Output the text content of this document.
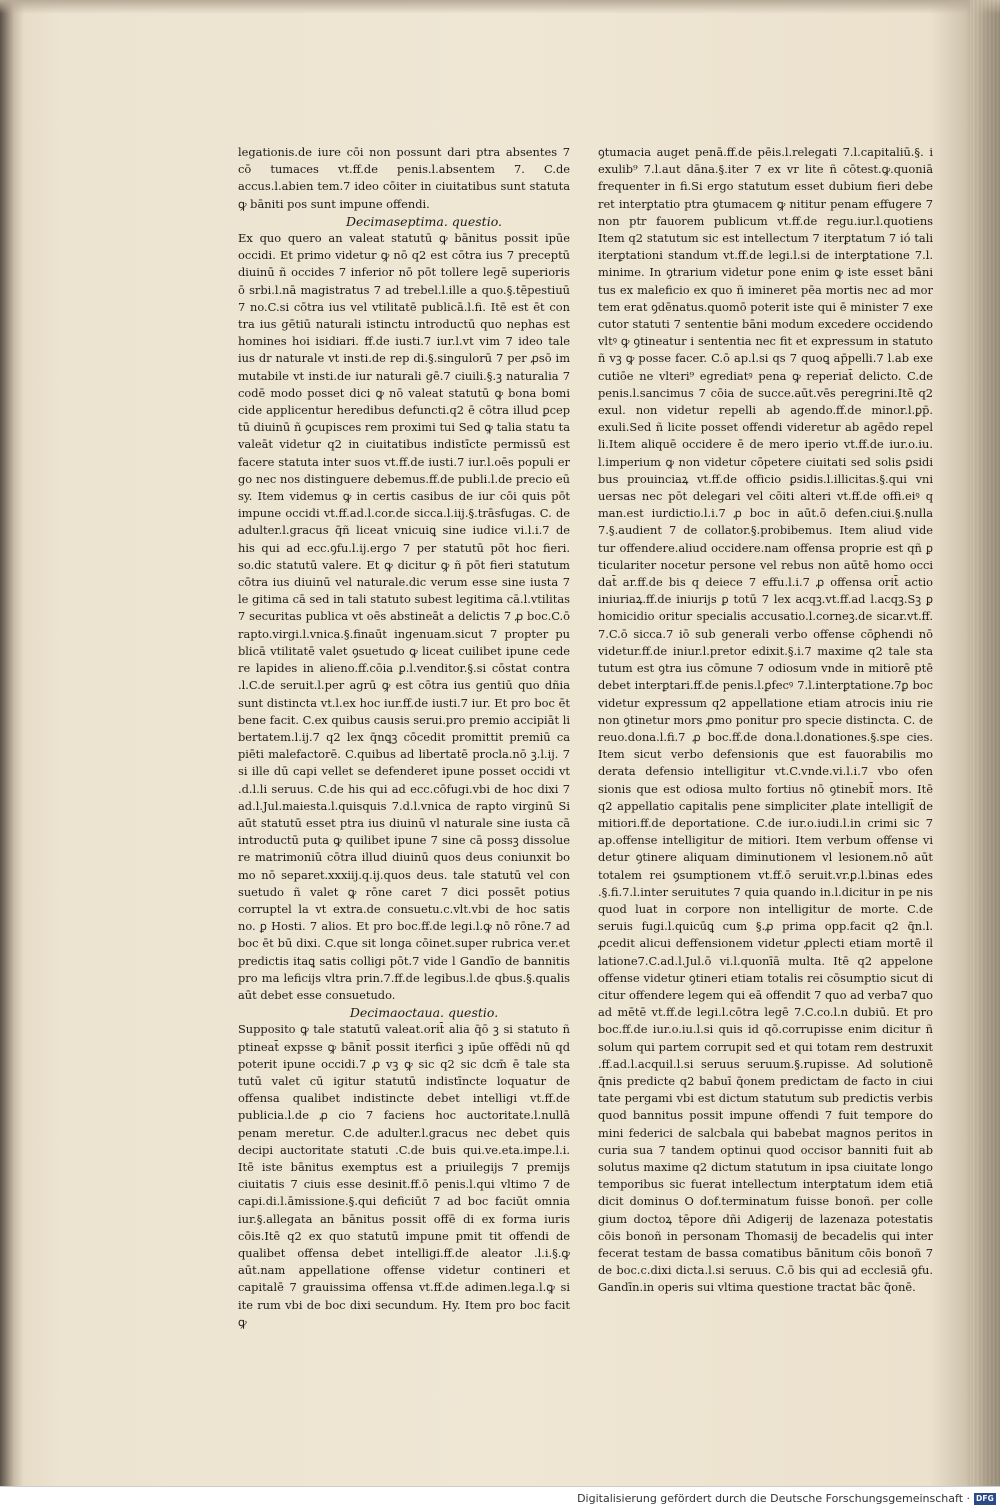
legationis.de iure cōi non possunt dari ptra absentes 7 cō tumaces vt.ff.de penis.l.absentem 7. C.de accus.l.abien tem.7 ideo cōiter in ciuitatibus sunt statuta ꝙ bāniti pos sunt impune offendi.

Decimaseptima. questio.

Ex quo quero an valeat statutū ꝙ bānitus possit ipūe occidi. Et primo videtur ꝙ nō q2 est cōtra ius 7 preceptū diuinū ñ occides 7 inferior nō pōt tollere legē superioris ō srbi.l.nā magistratus 7 ad trebel.l.ille a quo.§.tēpestiuū 7 no.C.si cōtra ius vel vtilitatē publicā.l.fi. Itē est ēt con tra ius gētiū naturali istinctu introductū quo nephas est homines hoi isidiari. ff.de iusti.7 iur.l.vt vim 7 ideo tale ius dr naturale vt insti.de rep di.§.singulorū 7 per ꝓsō im mutabile vt insti.de iur naturali gē.7 ciuili.§.ꝫ naturalia 7 codē modo posset dici ꝙ nō valeat statutū ꝙ bona bomi cide applicentur heredibus defuncti.q2 ē cōtra illud ꝑcep tū diuinū ñ ꝯcupisces rem proximi tui Sed ꝙ talia statu ta valeāt videtur q2 in ciuitatibus indistīcte permissū est facere statuta inter suos vt.ff.de iusti.7 iur.l.oēs populi er go nec nos distinguere debemus.ff.de publi.l.de precio eū sy. Item videmus ꝙ in certis casibus de iur cōi quis pōt impune occidi vt.ff.ad.l.cor.de sicca.l.iij.§.trāsfugas. C. de adulter.l.gracus q̄ñ liceat vnicuiꝗ sine iudice vi.l.i.7 de his qui ad ecc.ꝯfu.l.ij.ergo 7 per statutū pōt hoc fieri. so.dic statutū valere. Et ꝙ dicitur ꝙ ñ pōt fieri statutum cōtra ius diuinū vel naturale.dic verum esse sine iusta 7 le gitima cā sed in tali statuto subest legitima cā.l.vtilitas 7 securitas publica vt oēs abstineāt a delictis 7 ꝓ boc.C.ō rapto.virgi.l.vnica.§.finaūt ingenuam.sicut 7 propter pu blicā vtilitatē valet ꝯsuetudo ꝙ liceat cuilibet ipune cede re lapides in alieno.ff.cōia ꝑ.l.venditor.§.si cōstat contra .l.C.de seruit.l.per agrū ꝙ est cōtra ius gentiū quo dñia sunt distincta vt.l.ex hoc iur.ff.de iusti.7 iur. Et pro boc ēt bene facit. C.ex quibus causis serui.pro premio accipiāt li bertatem.l.ij.7 q2 lex q̄nꝗꝫ cōcedit promittit premiū ca piēti malefactorē. C.quibus ad libertatē procla.nō ꝫ.l.ij. 7 si ille dū capi vellet se defenderet ipune posset occidi vt .d.l.li seruus. C.de his qui ad ecc.cōfugi.vbi de hoc dixi 7 ad.l.Jul.maiesta.l.quisquis 7.d.l.vnica de rapto virginū Si aūt statutū esset ptra ius diuinū vl naturale sine iusta cā introductū puta ꝙ quilibet ipune 7 sine cā possꝫ dissolue re matrimoniū cōtra illud diuinū quos deus coniunxit bo mo nō separet.xxxiij.q.ij.quos deus. tale statutū vel con suetudo ñ valet ꝙ rōne caret 7 dici possēt potius corruptel la vt extra.de consuetu.c.vlt.vbi de hoc satis no. ꝑ Hosti. 7 alios. Et pro boc.ff.de legi.l.ꝙ nō rōne.7 ad boc ēt bū dixi. C.que sit longa cōinet.super rubrica ver.et predictis itaꝗ satis colligi pōt.7 vide l Gandīo de bannitis pro ma leficijs vltra prin.7.ff.de legibus.l.de qbus.§.qualis aūt debet esse consuetudo.

Decimaoctaua. questio.

Supposito ꝙ tale statutū valeat.orit̄ alia q̄ō ꝫ si statuto ñ ptineat̄ expsse ꝙ bānit̄ possit iterfici ꝫ ipūe offēdi nū qd poterit ipune occidi.7 ꝓ vꝫ ꝙ sic q2 sic dcm̄ ē tale sta tutū valet cū igitur statutū indistīncte loquatur de offensa qualibet indistincte debet intelligi vt.ff.de publicia.l.de ꝓ cio 7 faciens hoc auctoritate.l.nullā penam meretur. C.de adulter.l.gracus nec debet quis decipi auctoritate statuti .C.de buis qui.ve.eta.impe.l.i. Itē iste bānitus exemptus est a priuilegijs 7 premijs ciuitatis 7 ciuis esse desinit.ff.ō penis.l.qui vltimo 7 de capi.di.l.āmissione.§.qui deficiūt 7 ad boc faciūt omnia iur.§.allegata an bānitus possit offē di ex forma iuris cōis.Itē q2 ex quo statutū impune pmit tit offendi de qualibet offensa debet intelligi.ff.de aleator .l.i.§.ꝙ aūt.nam appellatione offense videtur contineri et capitalē 7 grauissima offensa vt.ff.de adimen.lega.l.ꝙ si ite rum vbi de boc dixi secundum. Hy. Item pro boc facit ꝙ

ꝯtumacia auget penā.ff.de pēis.l.relegati 7.l.capitaliū.§. i exulib⁹ 7.l.aut dāna.§.iter 7 ex vr lite ñ cōtest.ꝙ.quoniā frequenter in fi.Si ergo statutum esset dubium fieri debe ret interꝑtatio ptra ꝯtumacem ꝙ nititur penam effugere 7 non ptr fauorem publicum vt.ff.de regu.iur.l.quotiens Item q2 statutum sic est intellectum 7 iterꝑtatum 7 ió tali iterꝑtationi standum vt.ff.de legi.l.si de interꝑtatione 7.l. minime. In ꝯtrarium videtur pone enim ꝙ iste esset bāni tus ex maleficio ex quo ñ imineret pēa mortis nec ad mor tem erat ꝯdēnatus.quomō poterit iste qui ē minister 7 exe cutor statuti 7 sententie bāni modum excedere occidendo vltꝰ ꝙ ꝯtineatur i sententia nec fit et expressum in statuto ñ vꝫ ꝙ posse facer. C.ō ap.l.si qs 7 quoꝗ ap̄pelli.7 l.ab exe cutiōe ne vlteri⁹ egrediatꝰ pena ꝙ reperiat̄ delicto. C.de penis.l.sancimus 7 cōia de succe.aūt.vēs peregrini.Itē q2 exul. non videtur repelli ab agendo.ff.de minor.l.ꝑp̄. exuli.Sed ñ licite posset offendi videretur ab agēdo repel li.Item aliquē occidere ē de mero iperio vt.ff.de iur.o.iu. l.imperium ꝙ non videtur cōpetere ciuitati sed solis ꝑsidi bus prouinciaꝝ vt.ff.de officio ꝑsidis.l.illicitas.§.qui vni uersas nec pōt delegari vel cōiti alteri vt.ff.de offi.eiꝰ q man.est iurdictio.l.i.7 ꝓ boc in aūt.ō defen.ciui.§.nulla 7.§.audient 7 de collator.§.probibemus. Item aliud vide tur offendere.aliud occidere.nam offensa proprie est qñ ꝑ ticulariter nocetur persone vel rebus non aūtē homo occi dat̄ ar.ff.de bis q deiece 7 effu.l.i.7 ꝓ offensa orit̄ actio iniuriaꝝ.ff.de iniurijs ꝑ totū 7 lex acqꝫ.vt.ff.ad l.acqꝫ.Sꝫ ꝑ homicidio oritur specialis accusatio.l.corneꝫ.de sicar.vt.ff. 7.C.ō sicca.7 iō sub generali verbo offense cōꝑhendi nō videtur.ff.de iniur.l.pretor edixit.§.i.7 maxime q2 tale sta tutum est ꝯtra ius cōmune 7 odiosum vnde in mitiorē ptē debet interꝑtari.ff.de penis.l.ꝑfecꝰ 7.l.interꝑtatione.7ꝑ boc videtur expressum q2 appellatione etiam atrocis iniu rie non ꝯtinetur mors ꝓmo ponitur pro specie distincta. C. de reuo.dona.l.fi.7 ꝓ boc.ff.de dona.l.donationes.§.spe cies. Item sicut verbo defensionis que est fauorabilis mo derata defensio intelligitur vt.C.vnde.vi.l.i.7 vbo ofen sionis que est odiosa multo fortius nō ꝯtinebit̄ mors. Itē q2 appellatio capitalis pene simpliciter ꝓlate intelligit̄ de mitiori.ff.de deportatione. C.de iur.o.iudi.l.in crimi sic 7 ap.offense intelligitur de mitiori. Item verbum offense vi detur ꝯtinere aliquam diminutionem vl lesionem.nō aūt totalem rei ꝯsumptionem vt.ff.ō seruit.vr.ꝑ.l.binas edes .§.fi.7.l.inter seruitutes 7 quia quando in.l.dicitur in pe nis quod luat in corpore non intelligitur de morte. C.de seruis fugi.l.quicūꝗ cum §.ꝓ prima opp.facit q2 q̄n.l. ꝓcedit alicui deffensionem videtur ꝓplecti etiam mortē il latione7.C.ad.l.Jul.ō vi.l.quonīā multa. Itē q2 appelone offense videtur ꝯtineri etiam totalis rei cōsumptio sicut di citur offendere legem qui eā offendit 7 quo ad verba7 quo ad mētē vt.ff.de legi.l.cōtra legē 7.C.co.l.n dubiū. Et pro boc.ff.de iur.o.iu.l.si quis id qō.corrupisse enim dicitur ñ solum qui partem corrupit sed et qui totam rem destruxit .ff.ad.l.acquil.l.si seruus seruum.§.rupisse. Ad solutionē q̄nis predicte q2 babuī q̄onem predictam de facto in ciui tate pergami vbi est dictum statutum sub predictis verbis quod bannitus possit impune offendi 7 fuit tempore do mini federici de salcbala qui babebat magnos peritos in curia sua 7 tandem optinui quod occisor banniti fuit ab solutus maxime q2 dictum statutum in ipsa ciuitate longo temporibus sic fuerat intellectum interꝑtatum idem etiā dicit dominus O dof.terminatum fuisse bonoñ. per colle gium doctoꝝ tēpore dñi Adigerij de lazenaza potestatis cōis bonoñ in personam Thomasij de becadelis qui inter fecerat testam de bassa comatibus bānitum cōis bonoñ 7 de boc.c.dixi dicta.l.si seruus. C.ō bis qui ad ecclesiā ꝯfu. Gandīn.in operis sui vltima questione tractat bāc q̄onē.

Digitalisierung gefördert durch die Deutsche Forschungsgemeinschaft · DFG
